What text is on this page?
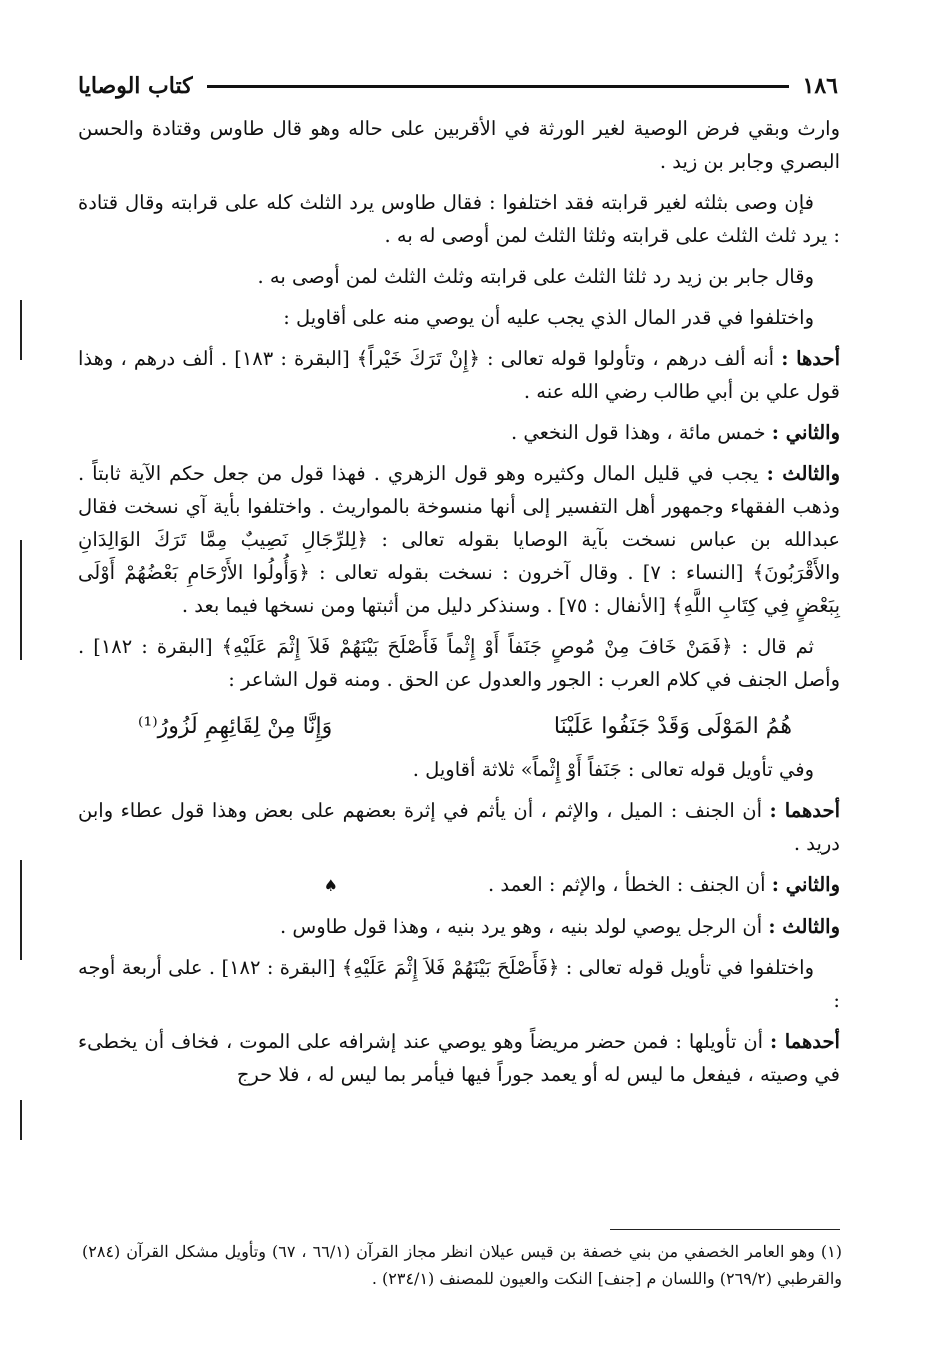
١٨٦
كتاب الوصايا

وارث وبقي فرض الوصية لغير الورثة في الأقربين على حاله وهو قال طاوس وقتادة والحسن البصري وجابر بن زيد .

فإن وصى بثلثه لغير قرابته فقد اختلفوا : فقال طاوس يرد الثلث كله على قرابته وقال قتادة : يرد ثلث الثلث على قرابته وثلثا الثلث لمن أوصى له به .

وقال جابر بن زيد رد ثلثا الثلث على قرابته وثلث الثلث لمن أوصى به .

واختلفوا في قدر المال الذي يجب عليه أن يوصي منه على أقاويل :

أحدها : أنه ألف درهم ، وتأولوا قوله تعالى : ﴿إِنْ تَرَكَ خَيْراً﴾ [البقرة : ١٨٣] . ألف درهم ، وهذا قول علي بن أبي طالب رضي الله عنه .

والثاني : خمس مائة ، وهذا قول النخعي .

والثالث : يجب في قليل المال وكثيره وهو قول الزهري . فهذا قول من جعل حكم الآية ثابتاً . وذهب الفقهاء وجمهور أهل التفسير إلى أنها منسوخة بالمواريث . واختلفوا بأية آي نسخت فقال عبدالله بن عباس نسخت بآية الوصايا بقوله تعالى : ﴿لِلرِّجَالِ نَصِيبٌ مِمَّا تَرَكَ الوَالِدَانِ والأَقْرَبُونَ﴾ [النساء : ٧] . وقال آخرون : نسخت بقوله تعالى : ﴿وَأُولُوا الأَرْحَامِ بَعْضُهُمْ أَوْلَى بِبَعْضٍ فِي كِتَابِ اللَّهِ﴾ [الأنفال : ٧٥] . وسنذكر دليل من أثبتها ومن نسخها فيما بعد .

ثم قال : ﴿فَمَنْ خَافَ مِنْ مُوصٍ جَنَفاً أَوْ إِثْماً فَأَصْلَحَ بَيْنَهُمْ فَلاَ إِثْمَ عَلَيْهِ﴾ [البقرة : ١٨٢] . وأصل الجنف في كلام العرب : الجور والعدول عن الحق . ومنه قول الشاعر :

هُمُ المَوْلَى وَقَدْ جَنَفُوا عَلَيْنَا
وَإِنَّا مِنْ لِقَائِهِمِ لَزُورُ⁽¹⁾

وفي تأويل قوله تعالى : جَنَفاً أَوْ إِثْماً» ثلاثة أقاويل .

أحدهما : أن الجنف : الميل ، والإثم ، أن يأثم في إثرة بعضهم على بعض وهذا قول عطاء وابن دريد .

والثاني : أن الجنف : الخطأ ، والإثم : العمد .♠

والثالث : أن الرجل يوصي لولد بنيه ، وهو يرد بنيه ، وهذا قول طاوس .

واختلفوا في تأويل قوله تعالى : ﴿فَأَصْلَحَ بَيْنَهُمْ فَلاَ إِثْمَ عَلَيْهِ﴾ [البقرة : ١٨٢] . على أربعة أوجه :

أحدهما : أن تأويلها : فمن حضر مريضاً وهو يوصي عند إشرافه على الموت ، فخاف أن يخطىء في وصيته ، فيفعل ما ليس له أو يعمد جوراً فيها فيأمر بما ليس له ، فلا حرج

(١) وهو العامر الخصفي من بني خصفة بن قيس عيلان انظر مجاز القرآن (٦٦/١ ، ٦٧) وتأويل مشكل القرآن (٢٨٤) والقرطبي (٢٦٩/٢) واللسان م [جنف] النكت والعيون للمصنف (٢٣٤/١) .
